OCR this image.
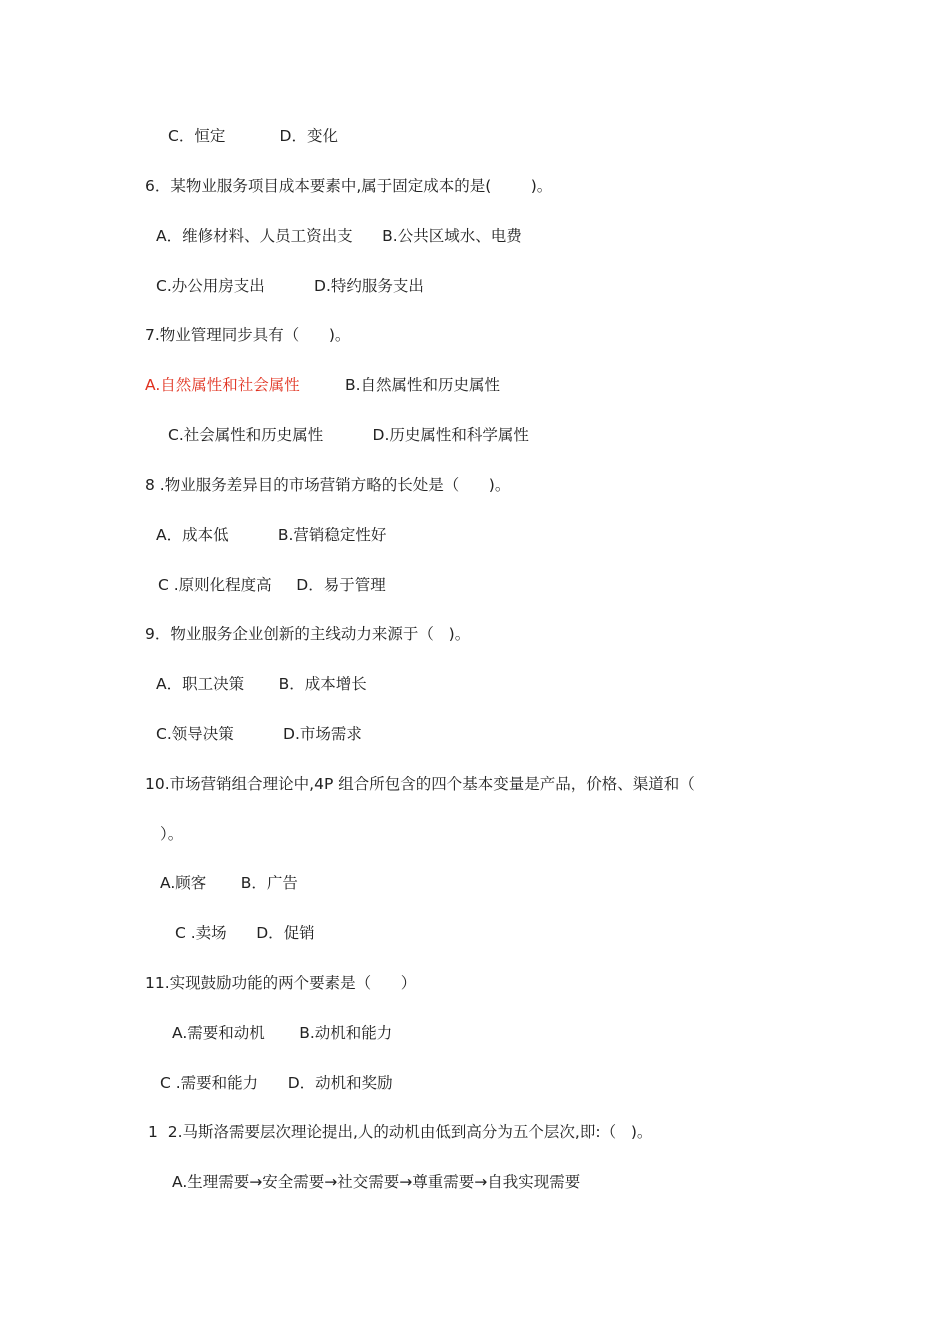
C．恒定           D．变化
6．某物业服务项目成本要素中,属于固定成本的是(        )。
A．维修材料、人员工资出支      B.公共区域水、电费
C.办公用房支出          D.特约服务支出
7.物业管理同步具有（      )。
A.自然属性和社会属性	B.自然属性和历史属性
C.社会属性和历史属性          D.历史属性和科学属性
8 .物业服务差异目的市场营销方略的长处是（      )。
A．成本低          B.营销稳定性好
C .原则化程度高     D．易于管理
9．物业服务企业创新的主线动力来源于（   )。
A．职工决策       B．成本增长
C.领导决策          D.市场需求
10.市场营销组合理论中,4P 组合所包含的四个基本变量是产品，价格、渠道和（
）。
A.顾客       B．广告
C .卖场      D．促销
11.实现鼓励功能的两个要素是（      ）
A.需要和动机       B.动机和能力
C .需要和能力      D．动机和奖励
1  2.马斯洛需要层次理论提出,人的动机由低到高分为五个层次,即:（   )。
A.生理需要→安全需要→社交需要→尊重需要→自我实现需要
